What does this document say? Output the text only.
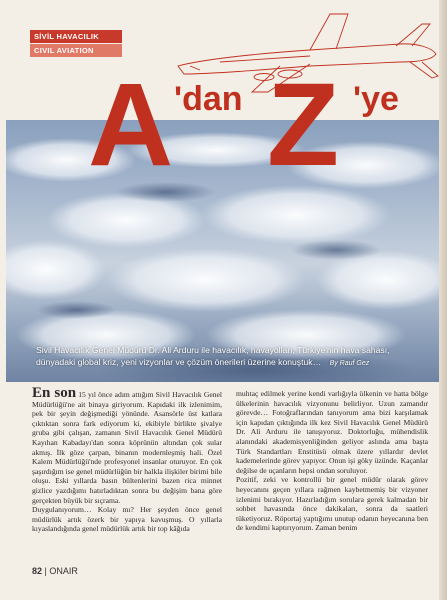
SİVİL HAVACILIK
CIVIL AVIATION
A 'dan Z 'ye
Sivil Havacılık Genel Müdürü Dr. Ali Arduru ile havacılık, havayolları, Türkiye'nin hava sahası, dünyadaki global kriz, yeni vizyonlar ve çözüm önerileri üzerine konuştuk… By Rauf Gez

En son 15 yıl önce adım attığım Sivil Havacılık Genel Müdürlüğü'ne ait binaya giriyorum. Kapıdaki ilk izlenimim, pek bir şeyin değişmediği yönünde. Asansörle üst katlara çıktıktan sonra fark ediyorum ki, ekibiyle birlikte şivalye gruba gibi çalışan, zamanın Sivil Havacılık Genel Müdürü Kayıhan Kabadayı'dan sonra köprünün altından çok sular akmış. İlk göze çarpan, binanın modernleşmiş hali. Özel Kalem Müdürlüğü'nde profesyonel insanlar oturuyor. En çok şaşırdığım ise genel müdürlüğün bir halkla ilişkiler birimi bile oluşu. Eski yıllarda basın bültenlerini bazen rica minnet gizlice yazdığımı hatırladıktan sonra bu değişim bana göre gerçekten büyük bir sıçrama.

Duygulanıyorum… Kolay mı? Her şeyden önce genel müdürlük artık özerk bir yapıya kavuşmuş. O yıllarla kıyaslandığında genel müdürlük artık bir top kâğıda

muhtaç edilmek yerine kendi varlığıyla ülkenin ve hatta bölge ülkelerinin havacılık vizyonunu belirliyor. Uzun zamandır görevde… Fotoğraflarından tanıyorum ama bizi karşılamak için kapıdan çıktığında ilk kez Sivil Havacılık Genel Müdürü Dr. Ali Arduru ile tanışıyoruz. Doktorluğu, mühendislik alanındaki akademisyenliğinden geliyor aslında ama başta Türk Standartları Enstitüsü olmak üzere yıllardır devlet kademelerinde görev yapıyor. Onun işi göky üzünde. Kaçanlar değilse de uçanların hepsi ondan soruluyor.

Pozitif, zeki ve kontrollü bir genel müdür olarak görev heyecanını geçen yıllara rağmen kaybetmemiş bir vizyoner izlenimi bırakıyor. Hazırladığım sorulara gerek kalmadan bir sohbet havasında önce dakikaları, sonra da saatleri tüketiyoruz. Röportaj yaptığımı unutup odanın heyecanına ben de kendimi kaptırıyorum. Zaman benim

82 | ONAIR
